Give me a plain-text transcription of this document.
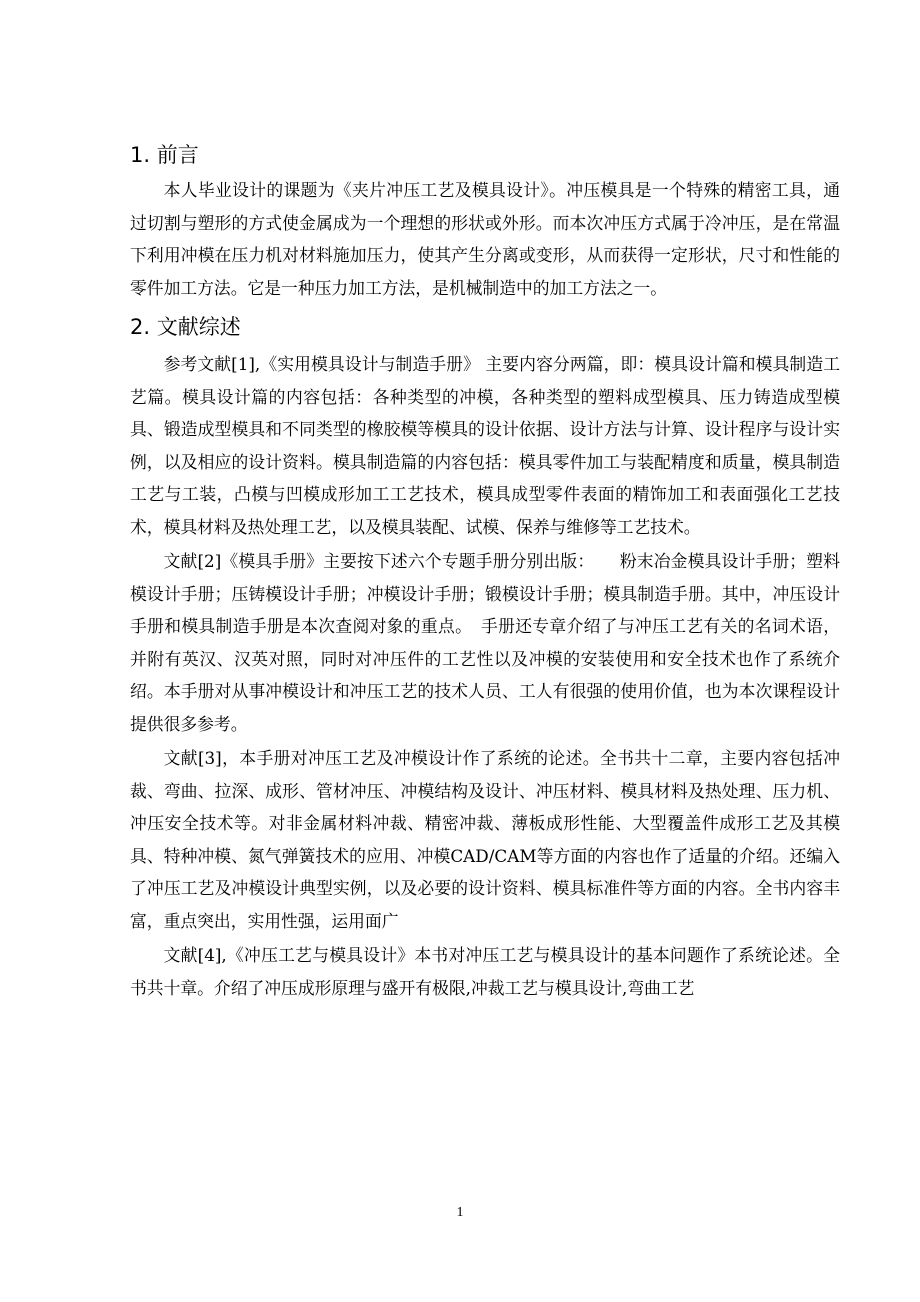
1. 前言

本人毕业设计的课题为《夹片冲压工艺及模具设计》。冲压模具是一个特殊的精密工具，通过切割与塑形的方式使金属成为一个理想的形状或外形。而本次冲压方式属于冷冲压，是在常温下利用冲模在压力机对材料施加压力，使其产生分离或变形，从而获得一定形状，尺寸和性能的零件加工方法。它是一种压力加工方法，是机械制造中的加工方法之一。

2. 文献综述

参考文献[1],《实用模具设计与制造手册》 主要内容分两篇，即：模具设计篇和模具制造工艺篇。模具设计篇的内容包括：各种类型的冲模，各种类型的塑料成型模具、压力铸造成型模具、锻造成型模具和不同类型的橡胶模等模具的设计依据、设计方法与计算、设计程序与设计实例，以及相应的设计资料。模具制造篇的内容包括：模具零件加工与装配精度和质量，模具制造工艺与工装，凸模与凹模成形加工工艺技术，模具成型零件表面的精饰加工和表面强化工艺技术，模具材料及热处理工艺，以及模具装配、试模、保养与维修等工艺技术。

文献[2]《模具手册》主要按下述六个专题手册分别出版：　　粉末冶金模具设计手册；塑料模设计手册；压铸模设计手册；冲模设计手册；锻模设计手册；模具制造手册。其中，冲压设计手册和模具制造手册是本次查阅对象的重点。　手册还专章介绍了与冲压工艺有关的名词术语，并附有英汉、汉英对照，同时对冲压件的工艺性以及冲模的安装使用和安全技术也作了系统介绍。本手册对从事冲模设计和冲压工艺的技术人员、工人有很强的使用价值，也为本次课程设计提供很多参考。

文献[3]，本手册对冲压工艺及冲模设计作了系统的论述。全书共十二章，主要内容包括冲裁、弯曲、拉深、成形、管材冲压、冲模结构及设计、冲压材料、模具材料及热处理、压力机、冲压安全技术等。对非金属材料冲裁、精密冲裁、薄板成形性能、大型覆盖件成形工艺及其模具、特种冲模、氮气弹簧技术的应用、冲模CAD/CAM等方面的内容也作了适量的介绍。还编入了冲压工艺及冲模设计典型实例，以及必要的设计资料、模具标准件等方面的内容。全书内容丰富，重点突出，实用性强，运用面广

文献[4],《冲压工艺与模具设计》本书对冲压工艺与模具设计的基本问题作了系统论述。全书共十章。介绍了冲压成形原理与盛开有极限,冲裁工艺与模具设计,弯曲工艺

1
